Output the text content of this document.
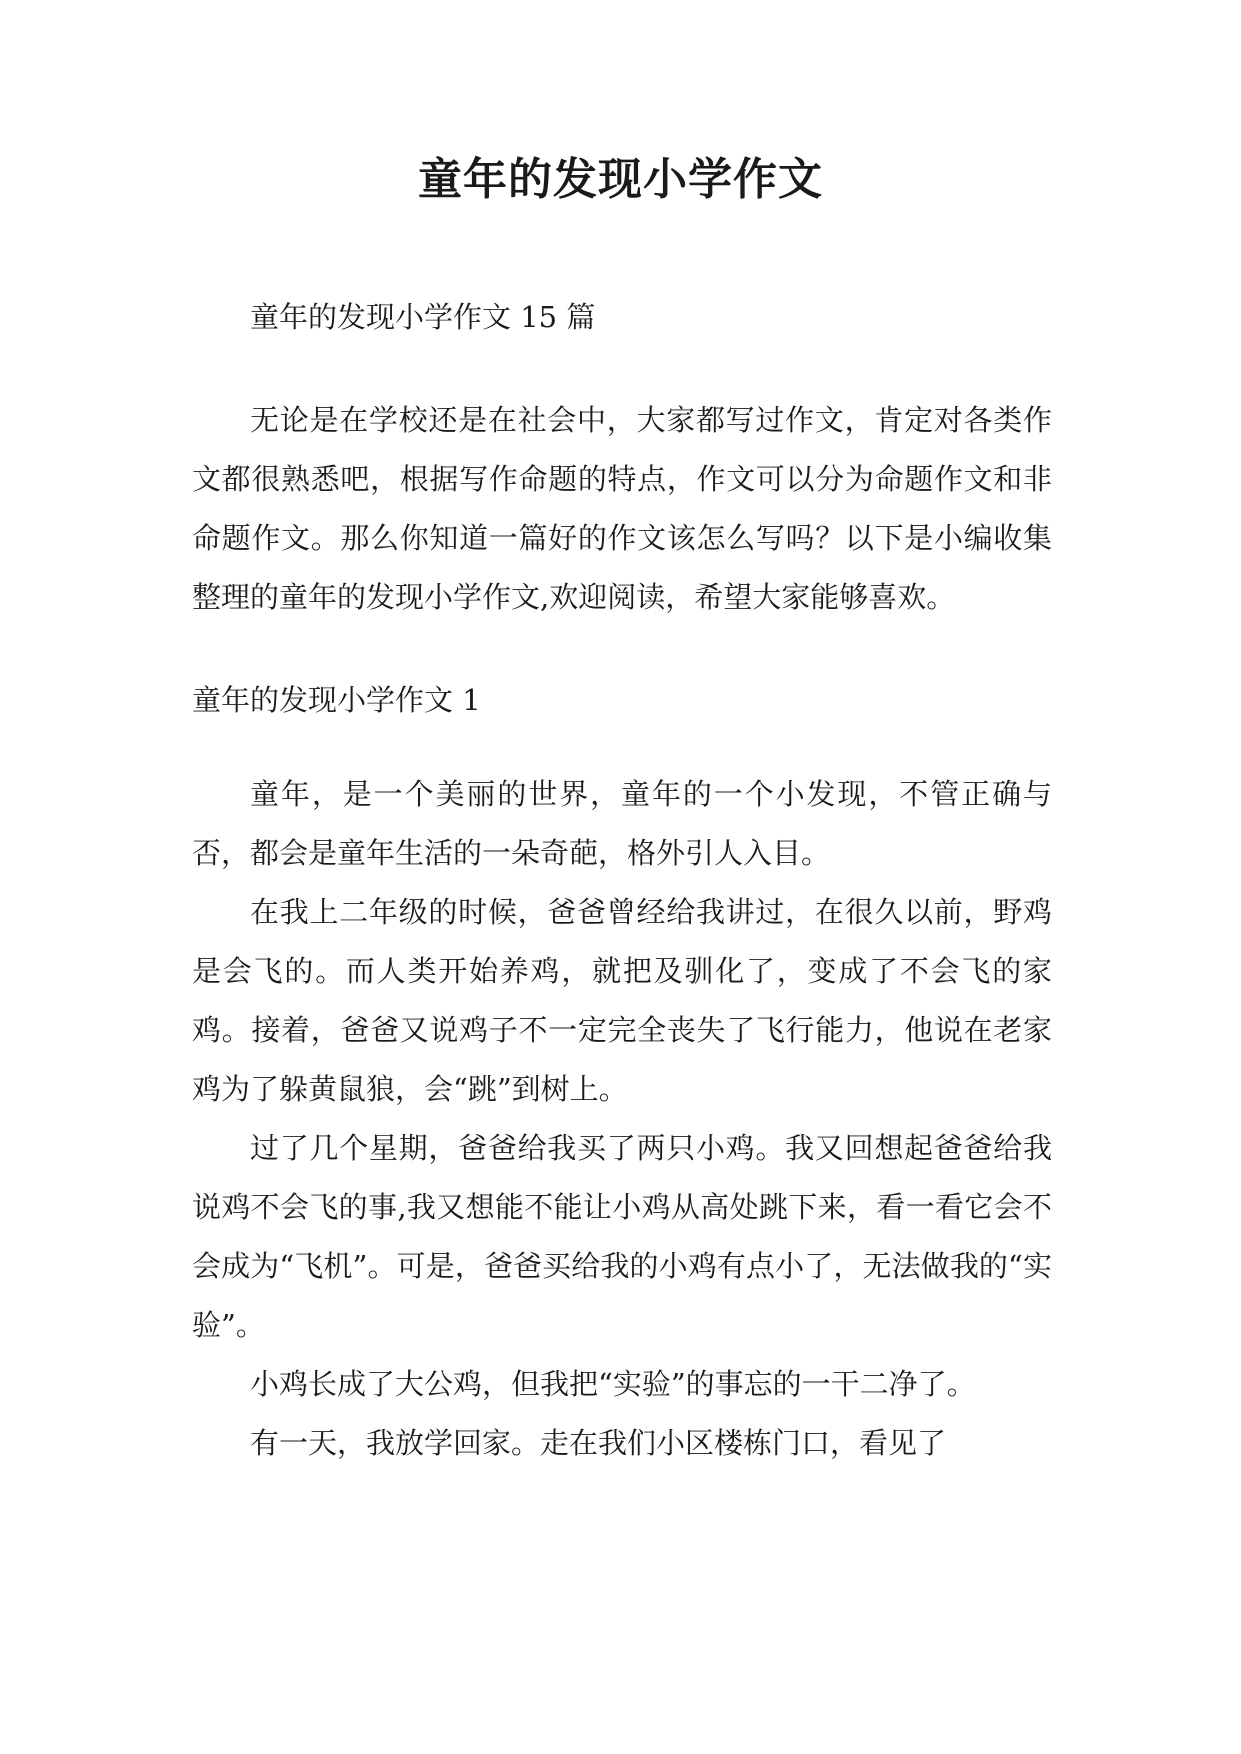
童年的发现小学作文

童年的发现小学作文 15 篇

无论是在学校还是在社会中，大家都写过作文，肯定对各类作文都很熟悉吧，根据写作命题的特点，作文可以分为命题作文和非命题作文。那么你知道一篇好的作文该怎么写吗？以下是小编收集整理的童年的发现小学作文,欢迎阅读，希望大家能够喜欢。

童年的发现小学作文 1

童年，是一个美丽的世界，童年的一个小发现，不管正确与否，都会是童年生活的一朵奇葩，格外引人入目。

在我上二年级的时候，爸爸曾经给我讲过，在很久以前，野鸡是会飞的。而人类开始养鸡，就把及驯化了，变成了不会飞的家鸡。接着，爸爸又说鸡子不一定完全丧失了飞行能力，他说在老家鸡为了躲黄鼠狼，会“跳”到树上。

过了几个星期，爸爸给我买了两只小鸡。我又回想起爸爸给我说鸡不会飞的事,我又想能不能让小鸡从高处跳下来，看一看它会不会成为“飞机”。可是，爸爸买给我的小鸡有点小了，无法做我的“实验”。

小鸡长成了大公鸡，但我把“实验”的事忘的一干二净了。

有一天，我放学回家。走在我们小区楼栋门口，看见了
